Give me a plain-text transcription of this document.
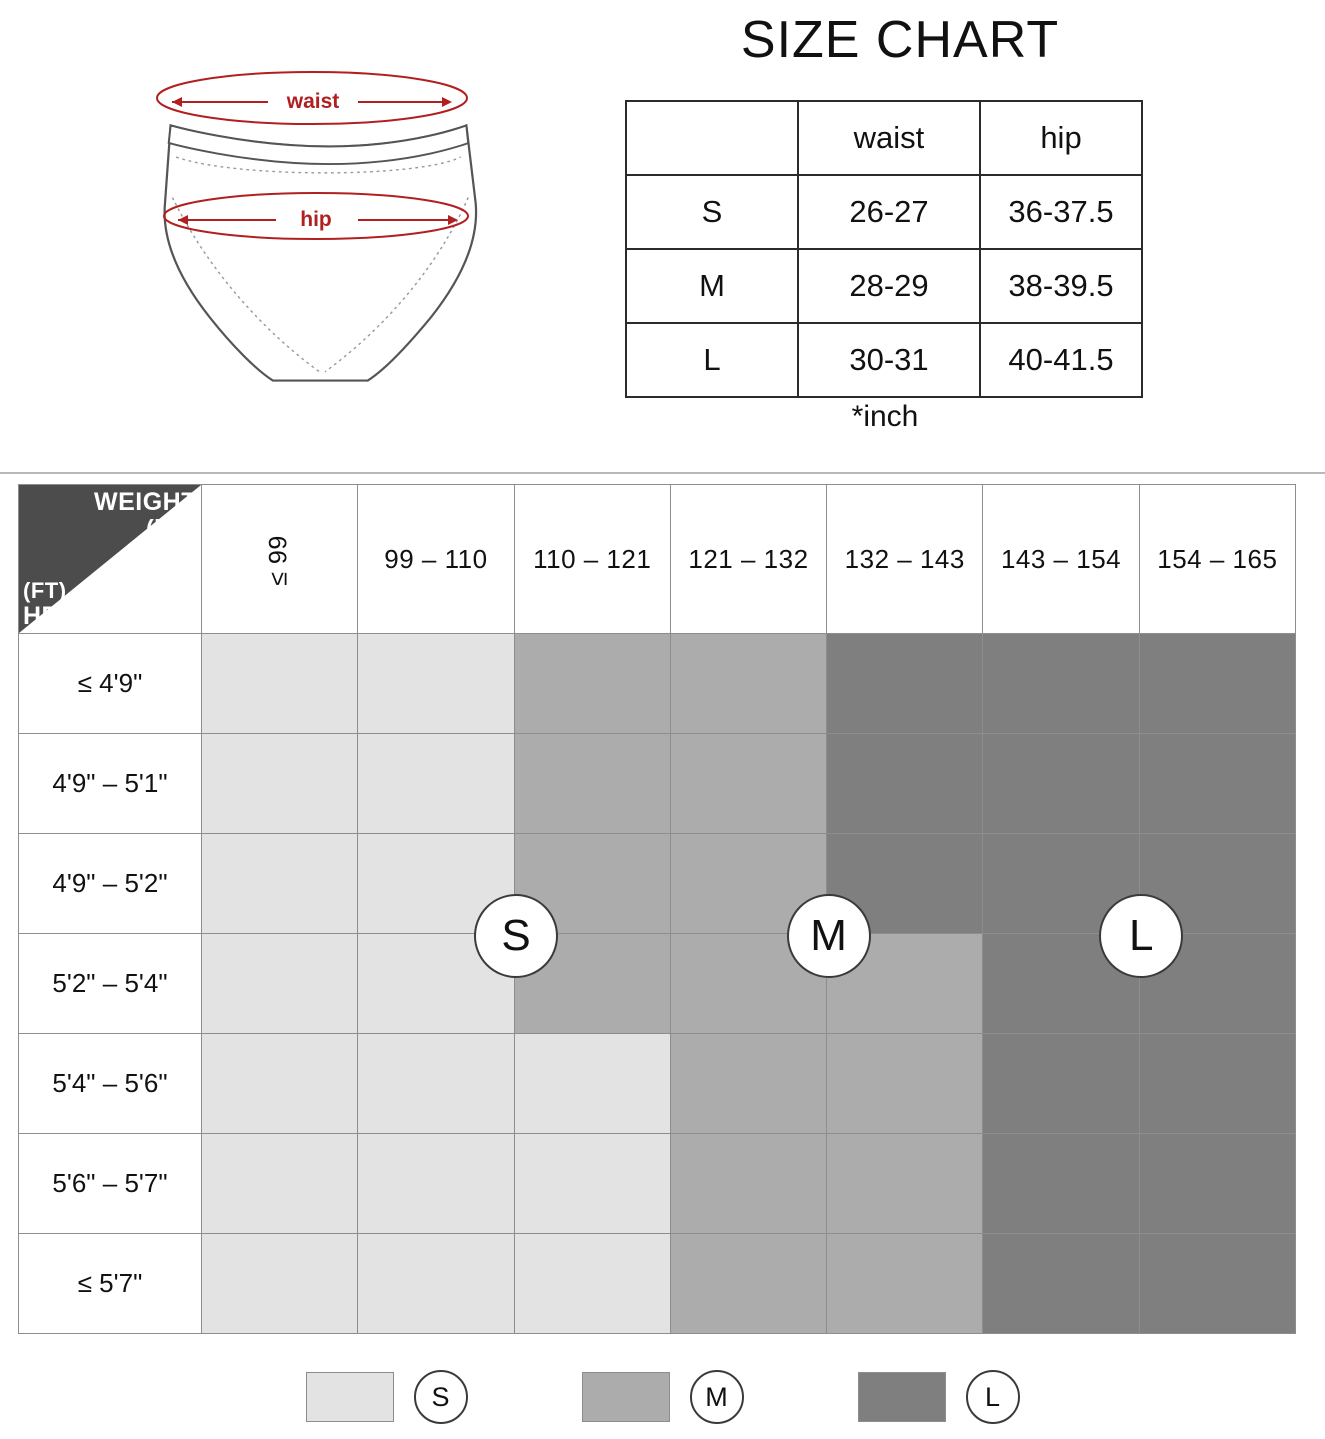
waist
hip
SIZE CHART
	waist	hip
S	26-27	36-37.5
M	28-29	38-39.5
L	30-31	40-41.5
*inch
WEIGHT
(lbs)
(FT)
HEIGHT	≤ 99	99 – 110	110 – 121	121 – 132	132 – 143	143 – 154	154 – 165
≤ 4'9"							
4'9" – 5'1"							
4'9" – 5'2"							
5'2" – 5'4"							
5'4" – 5'6"							
5'6" – 5'7"							
≤ 5'7"							
S	M	L
S	M	L
